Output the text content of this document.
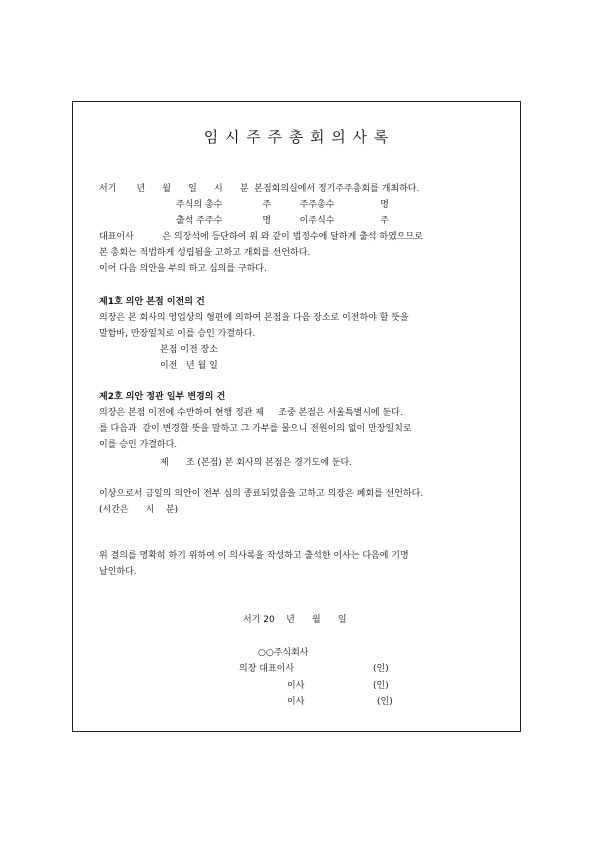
임 시 주 주 총 회 의 사 록

서기       년      월      일      시      분  본점회의실에서 정기주주총회를 개최하다.

주식의 총수              주          주주총수                명

출석 주주수              명          이주식수                주

대표이사          은 의장석에 등단하여 위 와 같이 법정수에 달하게 출석 하였으므로

본 총회는 적법하게 성립됨을 고하고 개회를 선언하다.

이어 다음 의안을 부의 하고 심의를 구하다.

제1호 의안 본점 이전의 건

의장은 본 회사의 영업상의 형편에 의하여 본점을 다음 장소로 이전하야 할 뜻을

말함바, 만장일치로 이를 승인 가결하다.

본점 이전 장소

이전   년 월 일

제2호 의안 정관 일부 변경의 건

의장은 본점 이전에 수반하여 현행 정관 제     조중 본점은 서울특별시에 둔다.

를 다음과  같이 변경할 뜻을 말하고 그 가부를 물으니 전원이의 없이 만장일치로

이를 승인 가결하다.

제      조 (본점) 본 회사의 본점은 경기도에 둔다.

이상으로서 금일의 의안이 전부 심의 종료되었음을 고하고 의장은 폐회를 선언하다.

(시간은      시    분)

위 결의를 명확히 하기 위하여 이 의사록을 작성하고 출석한 이사는 다음에 기명

날인하다.

서기 20    년      월      일

○○주식회사

의장 대표이사	(인)

이사	(인)

이사	(인)
